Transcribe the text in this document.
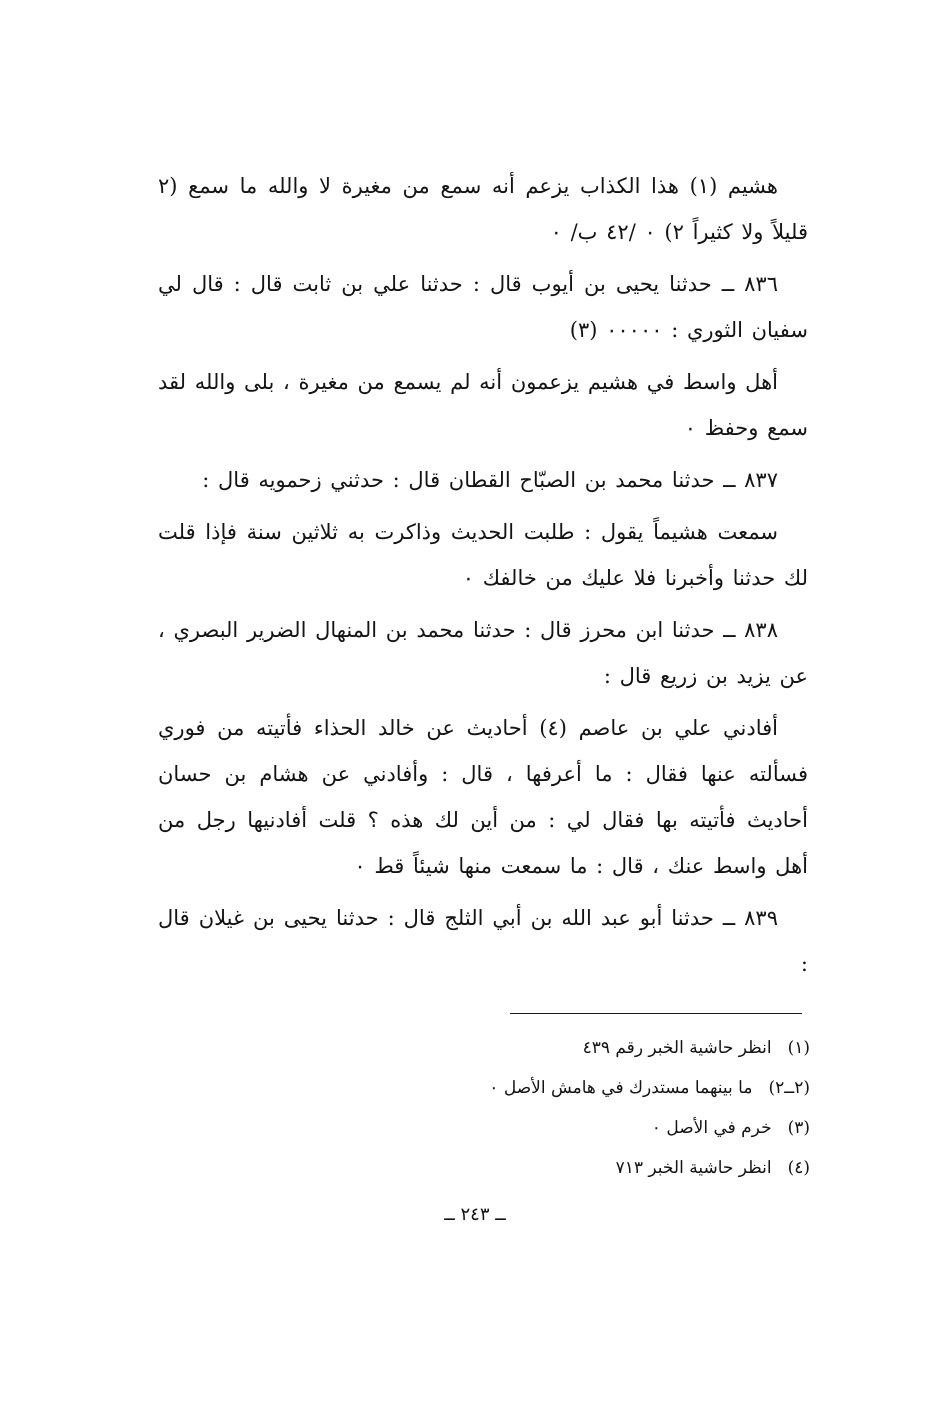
هشيم (١) هذا الكذاب يزعم أنه سمع من مغيرة لا والله ما سمع (٢ قليلاً ولا كثيراً ٢) ٠ /٤٢ ب/ ٠

٨٣٦ ــ حدثنا يحيى بن أيوب قال : حدثنا علي بن ثابت قال : قال لي سفيان الثوري : ٠٠٠٠٠ (٣)

أهل واسط في هشيم يزعمون أنه لم يسمع من مغيرة ، بلى والله لقد سمع وحفظ ٠

٨٣٧ ــ حدثنا محمد بن الصبّاح القطان قال : حدثني زحمويه قال :

سمعت هشيماً يقول : طلبت الحديث وذاكرت به ثلاثين سنة فإذا قلت لك حدثنا وأخبرنا فلا عليك من خالفك ٠

٨٣٨ ــ حدثنا ابن محرز قال : حدثنا محمد بن المنهال الضرير البصري ، عن يزيد بن زريع قال :

أفادني علي بن عاصم (٤) أحاديث عن خالد الحذاء فأتيته من فوري فسألته عنها فقال : ما أعرفها ، قال : وأفادني عن هشام بن حسان أحاديث فأتيته بها فقال لي : من أين لك هذه ؟ قلت أفادنيها رجل من أهل واسط عنك ، قال : ما سمعت منها شيئاً قط ٠

٨٣٩ ــ حدثنا أبو عبد الله بن أبي الثلج قال : حدثنا يحيى بن غيلان قال :

(١)انظر حاشية الخبر رقم ٤٣٩
(٢ــ٢)ما بينهما مستدرك في هامش الأصل ٠
(٣)خرم في الأصل ٠
(٤)انظر حاشية الخبر ٧١٣
ــ ٢٤٣ ــ
